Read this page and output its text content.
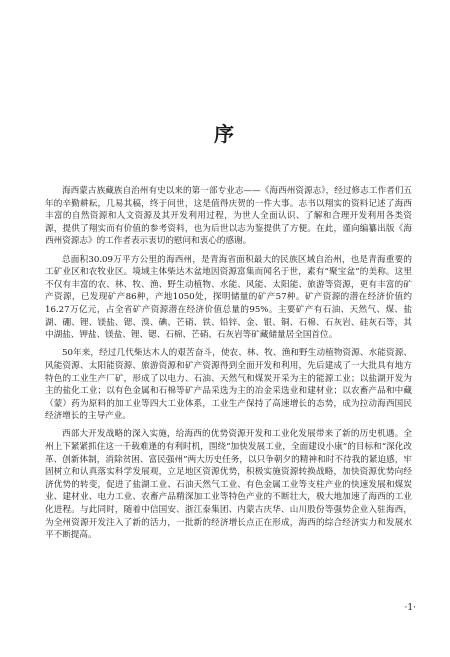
序

海西蒙古族藏族自治州有史以来的第一部专业志——《海西州资源志》，经过修志工作者们五年的辛勤耕耘，几易其稿，终于问世，这是值得庆贺的一件大事。志书以翔实的资料记述了海西丰富的自然资源和人文资源及其开发利用过程，为世人全面认识、了解和合理开发利用各类资源，提供了翔实而有价值的参考资料，也为后世以志为鉴提供了方便。在此，谨向编纂出版《海西州资源志》的工作者表示衷切的慰问和衷心的感谢。

总面积30.09万平方公里的海西州，是青海省面积最大的民族区域自治州，也是青海重要的工矿业区和农牧业区。境域主体柴达木盆地因资源富集而闻名于世，素有“聚宝盆”的美称。这里不仅有丰富的农、林、牧、渔、野生动植物、水能、风能、太阳能、旅游等资源，更有丰富的矿产资源，已发现矿产86种，产地1050处，探明储量的矿产57种。矿产资源的潜在经济价值约16.27万亿元，占全省矿产资源潜在经济价值总量的95%。主要矿产有石油、天然气、煤、盐湖、硼、锂、镁盐、锶、溴、碘、芒硝、铁、铅锌、金、银、铜、石棉、石灰岩、硅灰石等，其中湖盐、钾盐、镁盐、锂、锶、石棉、芒硝、石灰岩等矿藏储量居全国首位。

50年来，经过几代柴达木人的艰苦奋斗，使农、林、牧、渔和野生动植物资源、水能资源、风能资源、太阳能资源、旅游资源和矿产资源得到全面开发和利用，先后建成了一大批具有地方特色的工业生产厂矿，形成了以电力、石油、天然气和煤炭开采为主的能源工业；以盐湖开发为主的盐化工业；以有色金属和石棉等矿产品采选为主的冶金采选业和建材业；以农畜产品和中藏（蒙）药为原料的加工业等四大工业体系，工业生产保持了高速增长的态势，成为拉动海西国民经济增长的主导产业。

西部大开发战略的深入实施，给海西的优势资源开发和工业化发展带来了新的历史机遇。全州上下紧紧抓住这一千载难逢的有利时机，围绕“加快发展工业，全面建设小康”的目标和“深化改革、创新体制，消除贫困、富民强州”两大历史任务，以只争朝夕的精神和时不待我的紧迫感，牢固树立和认真落实科学发展观，立足地区资源优势，积极实施资源转换战略，加快资源优势向经济优势的转变，促进了盐湖工业、石油天然气工业、有色金属工业等支柱产业的快速发展和煤炭业、建材业、电力工业、农畜产品精深加工业等特色产业的不断壮大，极大地加速了海西的工业化进程。与此同时，随着中信国安、浙江泰集团、内蒙古庆华、山川股份等强势企业入驻海西，为全州资源开发注入了新的活力，一批新的经济增长点正在形成，海西的综合经济实力和发展水平不断提高。

·1·
